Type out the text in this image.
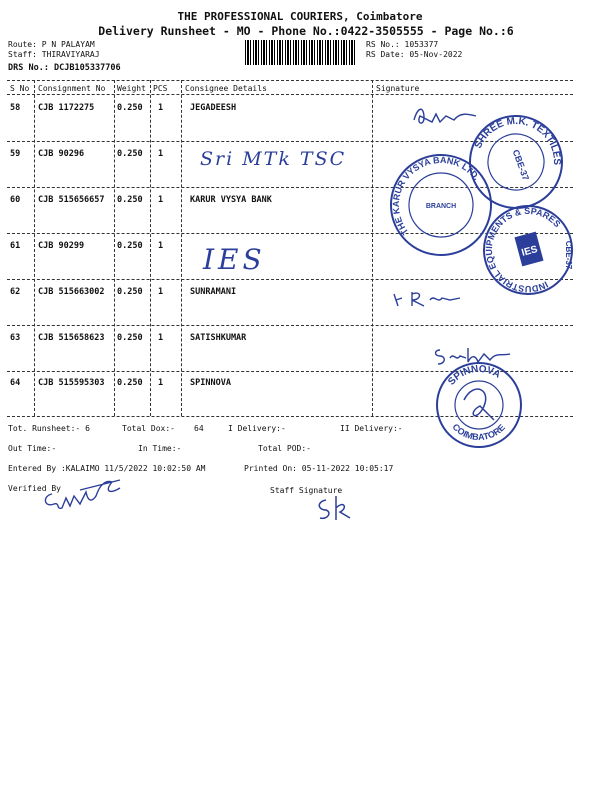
THE PROFESSIONAL COURIERS, Coimbatore
Delivery Runsheet - MO - Phone No.:0422-3505555 - Page No.:6
Route: P N PALAYAM
Staff: THIRAVIYARAJ
DRS No.: DCJB105337706
RS No.: 1053377
RS Date: 05-Nov-2022
S No Consignment No Weight PCS Consignee Details	Signature
58 CJB 1172275	0.250 1	JEGADEESH
59 CJB 90296	0.250 1 Sri MTk TSC
60 CJB 515656657 0.250 1	KARUR VYSYA BANK
61 CJB 90299	0.250 1 IES
62 CJB 515663002 0.250 1	SUNRAMANI
63 CJB 515658623 0.250 1	SATISHKUMAR
64 CJB 515595303 0.250 1	SPINNOVA
THE KARUR VYSYA BANK LTD.
BRANCH
SHREE M.K. TEXTILES
CBE-37
INDUSTRIAL EQUIPMENTS & SPARES
IES	CBE-37
SPINNOVA
COIMBATORE
Tot. Runsheet:- 6	Total Dox:- 64	I Delivery:-	II Delivery:-
Out Time:-	In Time:-	Total POD:-
Entered By :KALAIMO 11/5/2022 10:02:50 AM	Printed On: 05-11-2022 10:05:17
Verified By	Staff Signature
